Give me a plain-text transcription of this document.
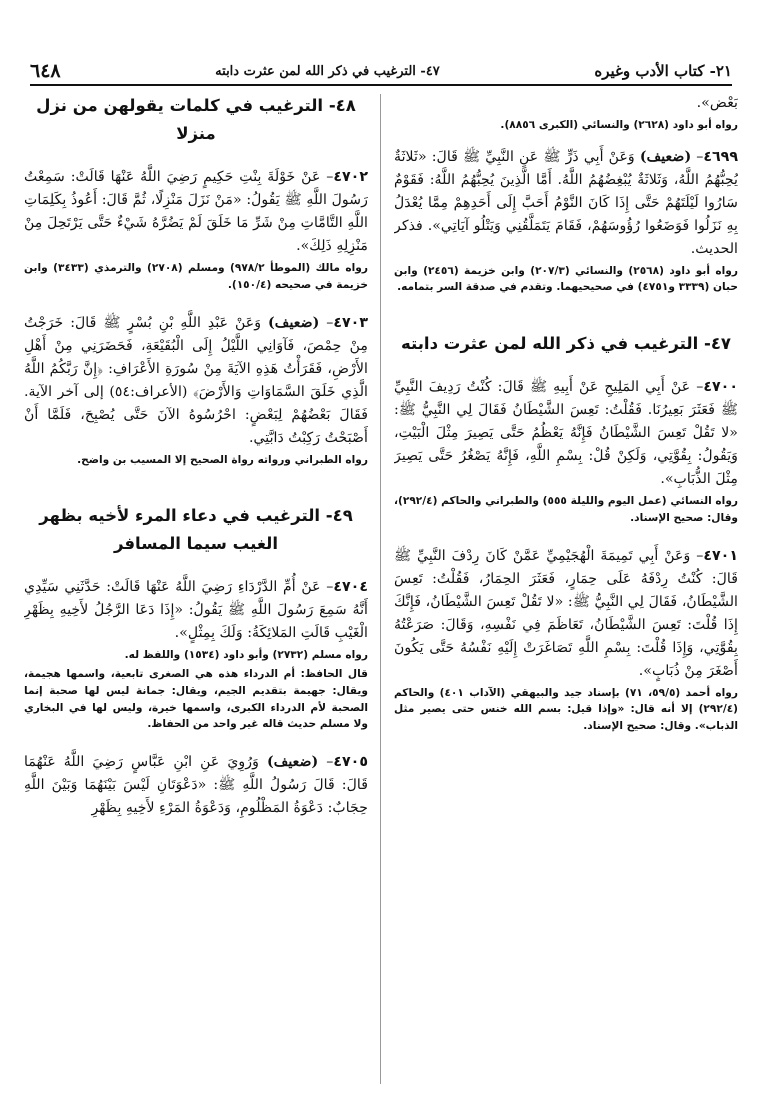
٢١- كتاب الأدب وغيره
٤٧- الترغيب في ذكر الله لمن عثرت دابته
٦٤٨

بَعْض».

رواه أبو داود (٢٦٢٨) والنسائي (الكبرى ٨٨٥٦).

٤٦٩٩– (ضعيف) وَعَنْ أَبِي ذَرٍّ ﷺ عَنِ النَّبِيِّ ﷺ قَالَ: «ثَلاثَةٌ يُحِبُّهُمُ اللَّهُ، وَثَلاثَةٌ يُبْغِضُهُمُ اللَّهُ. أَمَّا الَّذِينَ يُحِبُّهُمُ اللَّهُ: فَقَوْمٌ سَارُوا لَيْلَتَهُمْ حَتَّى إِذَا كَانَ النَّوْمُ أَحَبَّ إِلَى أَحَدِهِمْ مِمَّا يُعْدَلُ بِهِ نَزَلُوا فَوَضَعُوا رُؤُوسَهُمْ، فَقَامَ يَتَمَلَّقُنِي وَيَتْلُو آيَاتِي». فذكر الحديث.

رواه أبو داود (٢٥٦٨) والنسائي (٢٠٧/٣) وابن خزيمة (٢٤٥٦) وابن حبان (٣٣٣٩ و٤٧٥١) في صحيحيهما. وتقدم في صدقة السر بتمامه.

٤٧- الترغيب في ذكر الله لمن عثرت دابته

٤٧٠٠– عَنْ أَبِي المَلِيحِ عَنْ أَبِيهِ ﷺ قَالَ: كُنْتُ رَدِيفَ النَّبِيِّ ﷺ فَعَثَرَ بَعِيرُنَا. فَقُلْتُ: تَعِسَ الشَّيْطَانُ فَقَالَ لِي النَّبِيُّ ﷺ: «لا تَقُلْ تَعِسَ الشَّيْطَانُ فَإِنَّهُ يَعْظُمُ حَتَّى يَصِيرَ مِثْلَ الْبَيْتِ، وَيَقُولُ: بِقُوَّتِي، وَلَكِنْ قُلْ: بِسْمِ اللَّهِ، فَإِنَّهُ يَصْغُرُ حَتَّى يَصِيرَ مِثْلَ الذُّبَابِ».

رواه النسائي (عمل اليوم والليلة ٥٥٥) والطبراني والحاكم (٢٩٢/٤)، وقال: صحيح الإسناد.

٤٧٠١– وَعَنْ أَبِي تَمِيمَةَ الْهُجَيْمِيِّ عَمَّنْ كَانَ رِدْفَ النَّبِيِّ ﷺ قَالَ: كُنْتُ رِدْفَهُ عَلَى حِمَارٍ، فَعَثَرَ الحِمَارُ، فَقُلْتُ: تَعِسَ الشَّيْطَانُ، فَقَالَ لِي النَّبِيُّ ﷺ: «لا تَقُلْ تَعِسَ الشَّيْطَانُ، فَإِنَّكَ إِذَا قُلْتَ: تَعِسَ الشَّيْطَانُ، تَعَاظَمَ فِي نَفْسِهِ، وَقَالَ: صَرَعْتُهُ بِقُوَّتِي، وَإِذَا قُلْتَ: بِسْمِ اللَّهِ تَصَاغَرَتْ إِلَيْهِ نَفْسُهُ حَتَّى يَكُونَ أَصْغَرَ مِنْ ذُبَابٍ».

رواه أحمد (٥٩/٥، ٧١) بإسناد جيد والبيهقي (الآداب ٤٠١) والحاكم (٢٩٢/٤) إلا أنه قال: «وإذا قيل: بسم الله خنس حتى يصير مثل الذباب». وقال: صحيح الإسناد.

٤٨- الترغيب في كلمات يقولهن من نزل منزلا

٤٧٠٢– عَنْ خَوْلَةَ بِنْتِ حَكِيمٍ رَضِيَ اللَّهُ عَنْهَا قَالَتْ: سَمِعْتُ رَسُولَ اللَّهِ ﷺ يَقُولُ: «مَنْ نَزَلَ مَنْزِلًا، ثُمَّ قَالَ: أَعُوذُ بِكَلِمَاتِ اللَّهِ التَّامَّاتِ مِنْ شَرِّ مَا خَلَقَ لَمْ يَضُرَّهُ شَيْءٌ حَتَّى يَرْتَحِلَ مِنْ مَنْزِلِهِ ذَلِكَ».

رواه مالك (الموطأ ٩٧٨/٢) ومسلم (٢٧٠٨) والترمذي (٣٤٣٣) وابن خزيمة في صحيحه (١٥٠/٤).

٤٧٠٣– (ضعيف) وَعَنْ عَبْدِ اللَّهِ بْنِ بُسْرٍ ﷺ قَالَ: خَرَجْتُ مِنْ حِمْصَ، فَآوَانِي اللَّيْلُ إِلَى الْبُقَيْعَةِ، فَحَضَرَنِي مِنْ أَهْلِ الأَرْضِ، فَقَرَأْتُ هَذِهِ الآيَةَ مِنْ سُورَةِ الأَعْرَافِ: ﴿إِنَّ رَبَّكُمُ اللَّهُ الَّذِي خَلَقَ السَّمَاوَاتِ وَالأَرْضَ﴾ (الأعراف:٥٤) إلى آخر الآية. فَقَالَ بَعْضُهُمْ لِبَعْضٍ: احْرُسُوهُ الآنَ حَتَّى يُصْبِحَ، فَلَمَّا أَنْ أَصْبَحْتُ رَكِبْتُ دَابَّتِي.

رواه الطبراني ورواته رواة الصحيح إلا المسيب بن واضح.

٤٩- الترغيب في دعاء المرء لأخيه بظهر
الغيب سيما المسافر

٤٧٠٤– عَنْ أُمِّ الدَّرْدَاءِ رَضِيَ اللَّهُ عَنْهَا قَالَتْ: حَدَّثَنِي سَيِّدِي أَنَّهُ سَمِعَ رَسُولَ اللَّهِ ﷺ يَقُولُ: «إِذَا دَعَا الرَّجُلُ لأَخِيهِ بِظَهْرِ الْغَيْبِ قَالَتِ المَلائِكَةُ: وَلَكَ بِمِثْلٍ».

رواه مسلم (٢٧٣٢) وأبو داود (١٥٣٤) واللفظ له.

قال الحافظ: أم الدرداء هذه هي الصغرى تابعية، واسمها هجيمة، ويقال: جهيمة بتقديم الجيم، ويقال: جمانة ليس لها صحبة إنما الصحبة لأم الدرداء الكبرى، واسمها خيرة، وليس لها في البخاري ولا مسلم حديث قاله غير واحد من الحفاظ.

٤٧٠٥– (ضعيف) وَرُوِيَ عَنِ ابْنِ عَبَّاسٍ رَضِيَ اللَّهُ عَنْهُمَا قَالَ: قَالَ رَسُولُ اللَّهِ ﷺ: «دَعْوَتَانِ لَيْسَ بَيْنَهُمَا وَبَيْنَ اللَّهِ حِجَابٌ: دَعْوَةُ المَظْلُومِ، وَدَعْوَةُ المَرْءِ لأَخِيهِ بِظَهْرِ
